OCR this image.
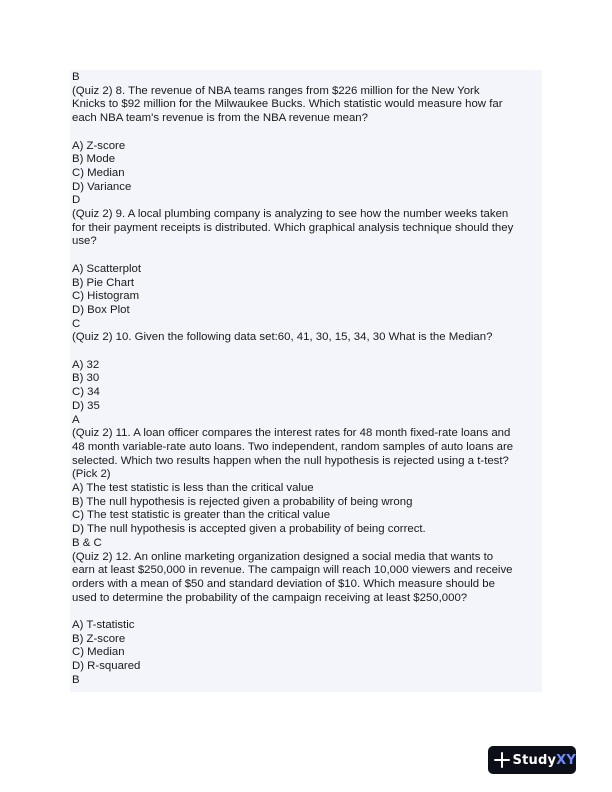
B
(Quiz 2) 8. The revenue of NBA teams ranges from $226 million for the New York
Knicks to $92 million for the Milwaukee Bucks. Which statistic would measure how far
each NBA team's revenue is from the NBA revenue mean?
A) Z-score
B) Mode
C) Median
D) Variance
D
(Quiz 2) 9. A local plumbing company is analyzing to see how the number weeks taken
for their payment receipts is distributed. Which graphical analysis technique should they
use?
A) Scatterplot
B) Pie Chart
C) Histogram
D) Box Plot
C
(Quiz 2) 10. Given the following data set:60, 41, 30, 15, 34, 30 What is the Median?
A) 32
B) 30
C) 34
D) 35
A
(Quiz 2) 11. A loan officer compares the interest rates for 48 month fixed-rate loans and
48 month variable-rate auto loans. Two independent, random samples of auto loans are
selected. Which two results happen when the null hypothesis is rejected using a t-test?
(Pick 2)
A) The test statistic is less than the critical value
B) The null hypothesis is rejected given a probability of being wrong
C) The test statistic is greater than the critical value
D) The null hypothesis is accepted given a probability of being correct.
B & C
(Quiz 2) 12. An online marketing organization designed a social media that wants to
earn at least $250,000 in revenue. The campaign will reach 10,000 viewers and receive
orders with a mean of $50 and standard deviation of $10. Which measure should be
used to determine the probability of the campaign receiving at least $250,000?
A) T-statistic
B) Z-score
C) Median
D) R-squared
B
StudyXY
